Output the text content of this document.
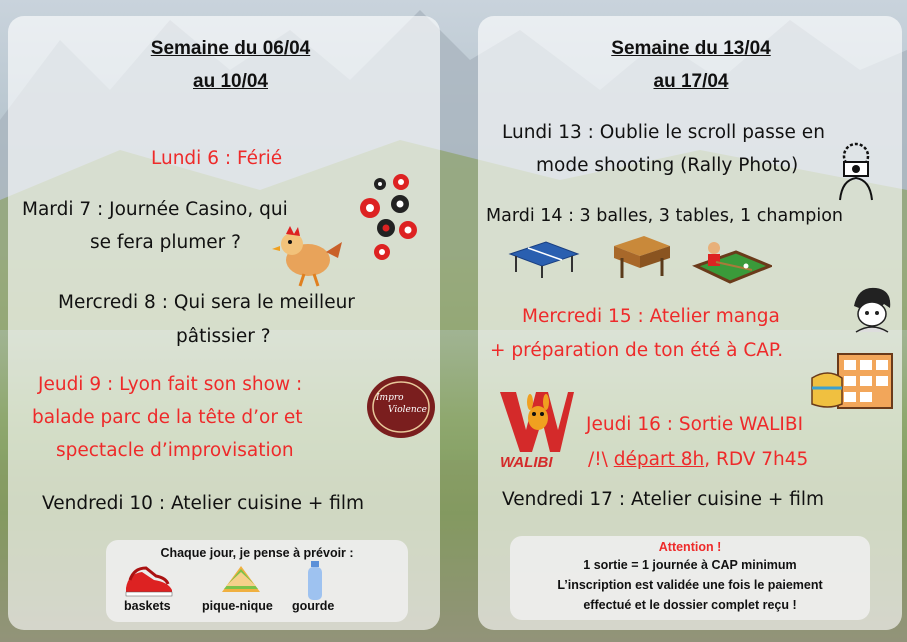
Semaine du 06/04
au 10/04
Lundi 6 : Férié
Mardi 7 : Journée Casino, qui
se fera plumer ?
Mercredi 8 : Qui sera le meilleur
pâtissier ?
Jeudi 9 : Lyon fait son show :
balade parc de la tête d’or et
spectacle d’improvisation
Impro
Violence
Vendredi 10 : Atelier cuisine + film
Chaque jour, je pense à prévoir :
baskets	pique-nique gourde
Semaine du 13/04
au 17/04
Lundi 13 : Oublie le scroll passe en
mode shooting (Rally Photo)
Mardi 14 : 3 balles, 3 tables, 1 champion
Mercredi 15 : Atelier manga
+ préparation de ton été à CAP.
WALIBI
Jeudi 16 : Sortie WALIBI
/!\ départ 8h, RDV 7h45
Vendredi 17 : Atelier cuisine + film
Attention !
1 sortie = 1 journée à CAP minimum
L’inscription est validée une fois le paiement
effectué et le dossier complet reçu !
